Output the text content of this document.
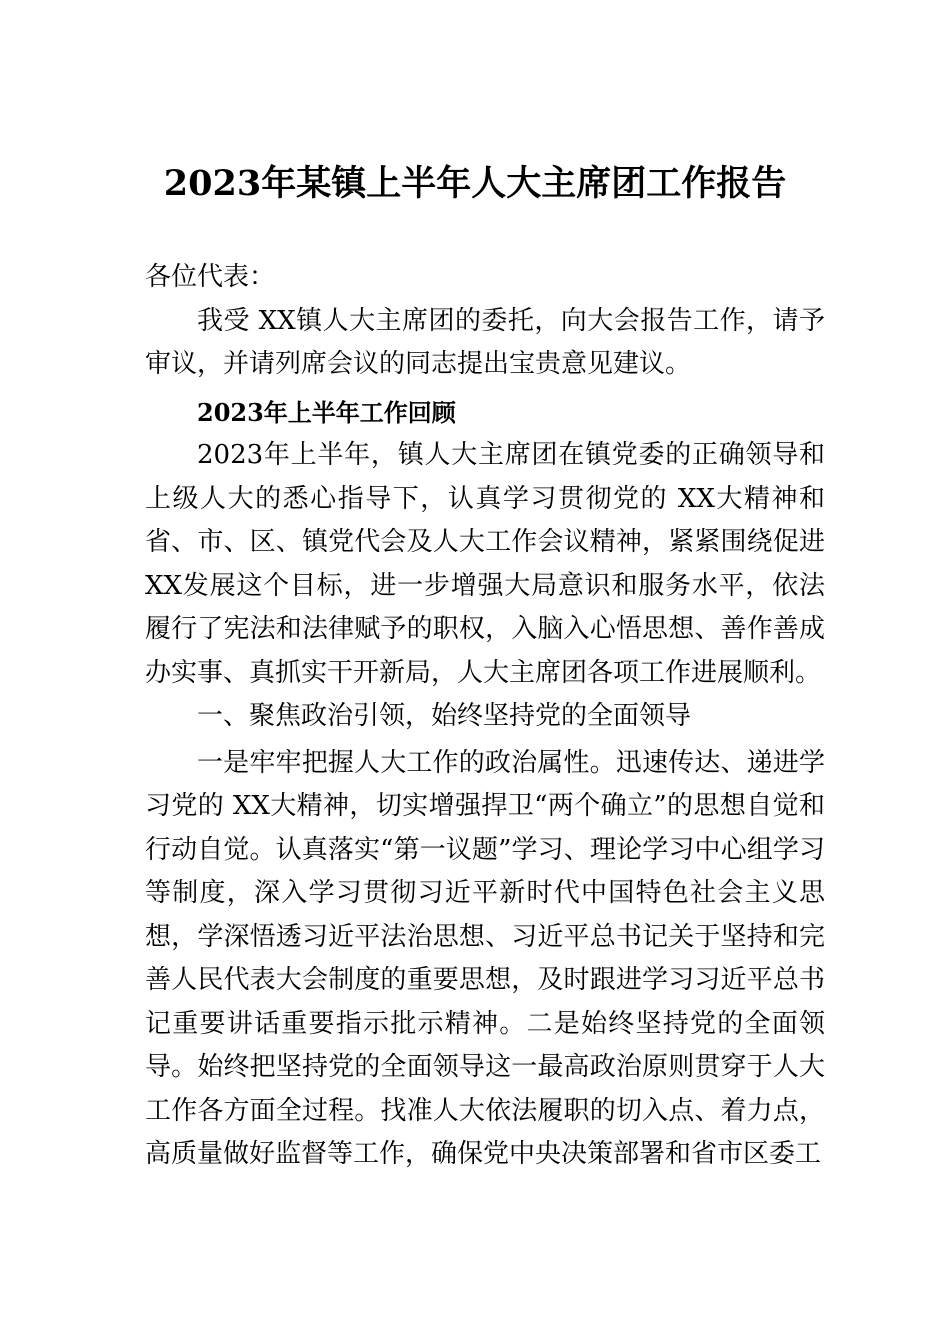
2023年某镇上半年人大主席团工作报告

各位代表：

我受 XX镇人大主席团的委托，向大会报告工作，请予审议，并请列席会议的同志提出宝贵意见建议。

2023年上半年工作回顾

2023年上半年，镇人大主席团在镇党委的正确领导和上级人大的悉心指导下，认真学习贯彻党的 XX大精神和省、市、区、镇党代会及人大工作会议精神，紧紧围绕促进 XX发展这个目标，进一步增强大局意识和服务水平，依法履行了宪法和法律赋予的职权，入脑入心悟思想、善作善成办实事、真抓实干开新局，人大主席团各项工作进展顺利。

一、聚焦政治引领，始终坚持党的全面领导

一是牢牢把握人大工作的政治属性。迅速传达、递进学习党的 XX大精神，切实增强捍卫“两个确立”的思想自觉和行动自觉。认真落实“第一议题”学习、理论学习中心组学习等制度，深入学习贯彻习近平新时代中国特色社会主义思想，学深悟透习近平法治思想、习近平总书记关于坚持和完善人民代表大会制度的重要思想，及时跟进学习习近平总书记重要讲话重要指示批示精神。二是始终坚持党的全面领导。始终把坚持党的全面领导这一最高政治原则贯穿于人大工作各方面全过程。找准人大依法履职的切入点、着力点， 高质量做好监督等工作，确保党中央决策部署和省市区委工
